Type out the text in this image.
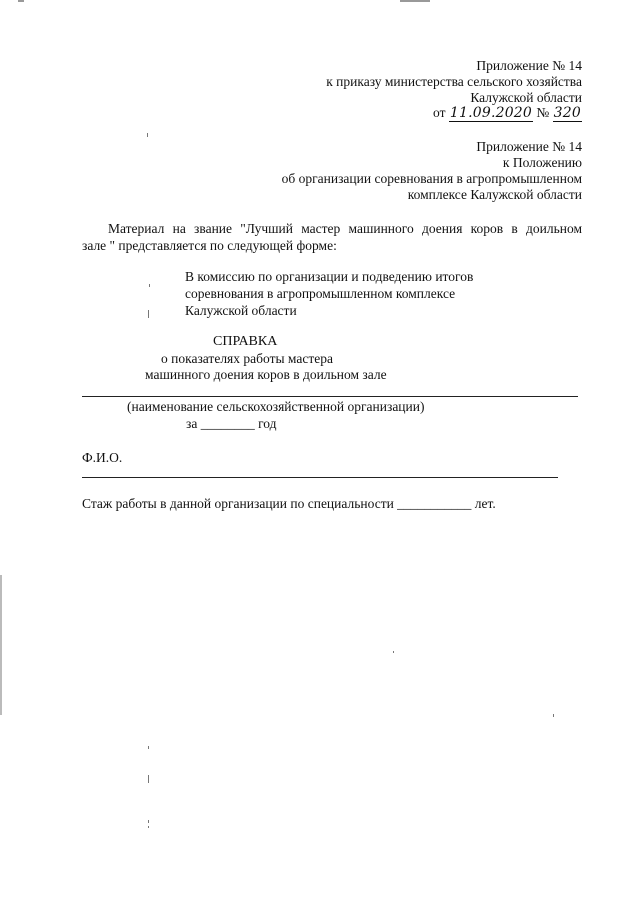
Приложение № 14
к приказу министерства сельского хозяйства
Калужской области
от 11.09.2020 № 320
Приложение № 14
к Положению
об организации соревнования в агропромышленном
комплексе Калужской области
Материал на звание "Лучший мастер машинного доения коров в доильном
зале " представляется по следующей форме:
В комиссию по организации и подведению итогов
соревнования в агропромышленном комплексе
Калужской области
СПРАВКА
о показателях работы мастера
машинного доения коров в доильном зале
(наименование сельскохозяйственной организации)
за ________ год
Ф.И.О.
Стаж работы в данной организации по специальности ___________ лет.
